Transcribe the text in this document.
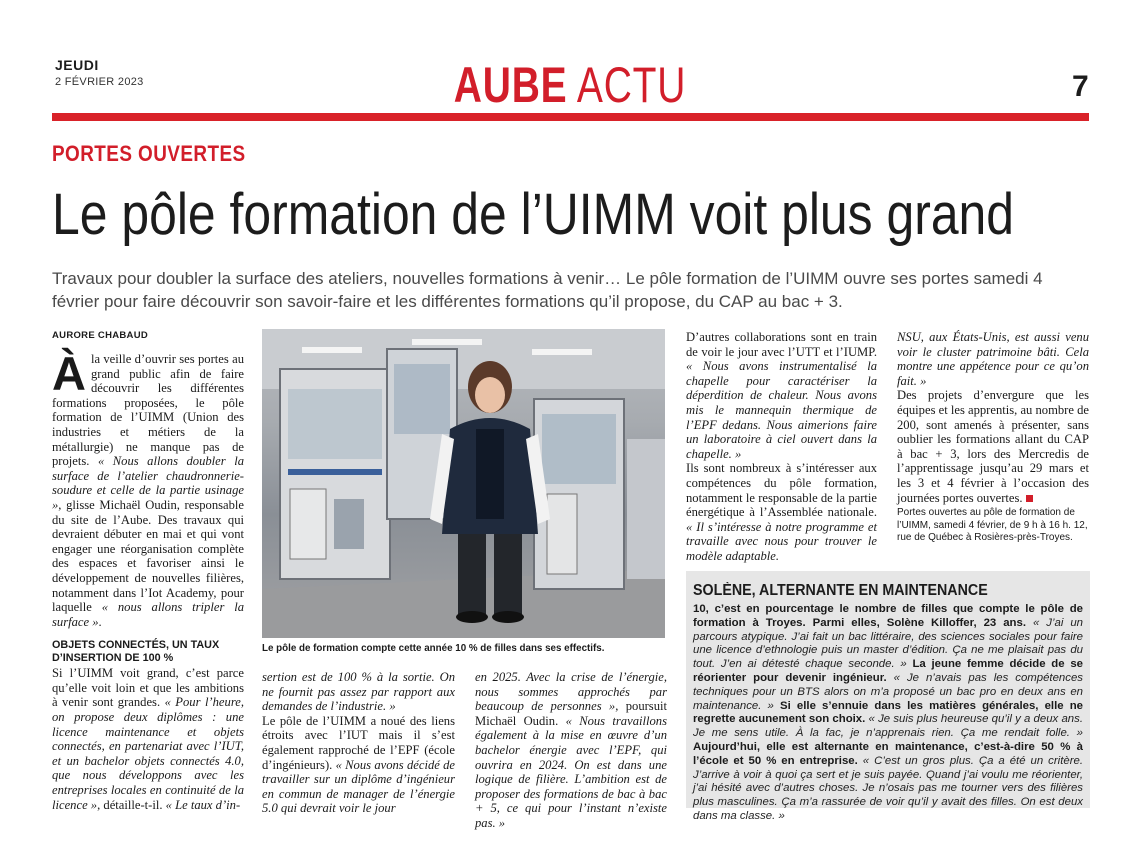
JEUDI
2 FÉVRIER 2023	AUBE ACTU	7
PORTES OUVERTES
Le pôle formation de l’UIMM voit plus grand
Travaux pour doubler la surface des ateliers, nouvelles formations à venir… Le pôle formation de l’UIMM ouvre ses portes samedi 4 février pour faire découvrir son savoir-faire et les différentes formations qu’il propose, du CAP au bac + 3.
AURORE CHABAUD

Àla veille d’ouvrir ses portes au grand public afin de faire découvrir les différentes formations proposées, le pôle formation de l’UIMM (Union des industries et métiers de la métallurgie) ne manque pas de projets. « Nous allons doubler la surface de l’atelier chaudronnerie-soudure et celle de la partie usinage », glisse Michaël Oudin, responsable du site de l’Aube. Des travaux qui devraient débuter en mai et qui vont engager une réorganisation complète des espaces et favoriser ainsi le développement de nouvelles filières, notamment dans l’Iot Academy, pour laquelle « nous allons tripler la surface ».

OBJETS CONNECTÉS, UN TAUX D’INSERTION DE 100 %

Si l’UIMM voit grand, c’est parce qu’elle voit loin et que les ambitions à venir sont grandes. « Pour l’heure, on propose deux diplômes : une licence maintenance et objets connectés, en partenariat avec l’IUT, et un bachelor objets connectés 4.0, que nous développons avec les entreprises locales en continuité de la licence », détaille-t-il. « Le taux d’in-

Le pôle de formation compte cette année 10 % de filles dans ses effectifs.

sertion est de 100 % à la sortie. On ne fournit pas assez par rapport aux demandes de l’industrie. »
Le pôle de l’UIMM a noué des liens étroits avec l’IUT mais il s’est également rapproché de l’EPF (école d’ingénieurs). « Nous avons décidé de travailler sur un diplôme d’ingénieur en commun de manager de l’énergie 5.0 qui devrait voir le jour

en 2025. Avec la crise de l’énergie, nous sommes approchés par beaucoup de personnes », poursuit Michaël Oudin. « Nous travaillons également à la mise en œuvre d’un bachelor énergie avec l’EPF, qui ouvrira en 2024. On est dans une logique de filière. L’ambition est de proposer des formations de bac à bac + 5, ce qui pour l’instant n’existe pas. »

D’autres collaborations sont en train de voir le jour avec l’UTT et l’IUMP. « Nous avons instrumentalisé la chapelle pour caractériser la déperdition de chaleur. Nous avons mis le mannequin thermique de l’EPF dedans. Nous aimerions faire un laboratoire à ciel ouvert dans la chapelle. »
Ils sont nombreux à s’intéresser aux compétences du pôle formation, notamment le responsable de la partie énergétique à l’Assemblée nationale. « Il s’intéresse à notre programme et travaille avec nous pour trouver le modèle adaptable.

NSU, aux États-Unis, est aussi venu voir le cluster patrimoine bâti. Cela montre une appétence pour ce qu’on fait. »
Des projets d’envergure que les équipes et les apprentis, au nombre de 200, sont amenés à présenter, sans oublier les formations allant du CAP à bac + 3, lors des Mercredis de l’apprentissage jusqu’au 29 mars et les 3 et 4 février à l’occasion des journées portes ouvertes.

Portes ouvertes au pôle de formation de l’UIMM, samedi 4 février, de 9 h à 16 h. 12, rue de Québec à Rosières-près-Troyes.
SOLÈNE, ALTERNANTE EN MAINTENANCE
10, c’est en pourcentage le nombre de filles que compte le pôle de formation à Troyes. Parmi elles, Solène Killoffer, 23 ans. « J’ai un parcours atypique. J’ai fait un bac littéraire, des sciences sociales pour faire une licence d’ethnologie puis un master d’édition. Ça ne me plaisait pas du tout. J’en ai détesté chaque seconde. » La jeune femme décide de se réorienter pour devenir ingénieur. « Je n’avais pas les compétences techniques pour un BTS alors on m’a proposé un bac pro en deux ans en maintenance. » Si elle s’ennuie dans les matières générales, elle ne regrette aucunement son choix. « Je suis plus heureuse qu’il y a deux ans. Je me sens utile. À la fac, je n’apprenais rien. Ça me rendait folle. » Aujourd’hui, elle est alternante en maintenance, c’est-à-dire 50 % à l’école et 50 % en entreprise. « C’est un gros plus. Ça a été un critère. J’arrive à voir à quoi ça sert et je suis payée. Quand j’ai voulu me réorienter, j’ai hésité avec d’autres choses. Je n’osais pas me tourner vers des filières plus masculines. Ça m’a rassurée de voir qu’il y avait des filles. On est deux dans ma classe. »
